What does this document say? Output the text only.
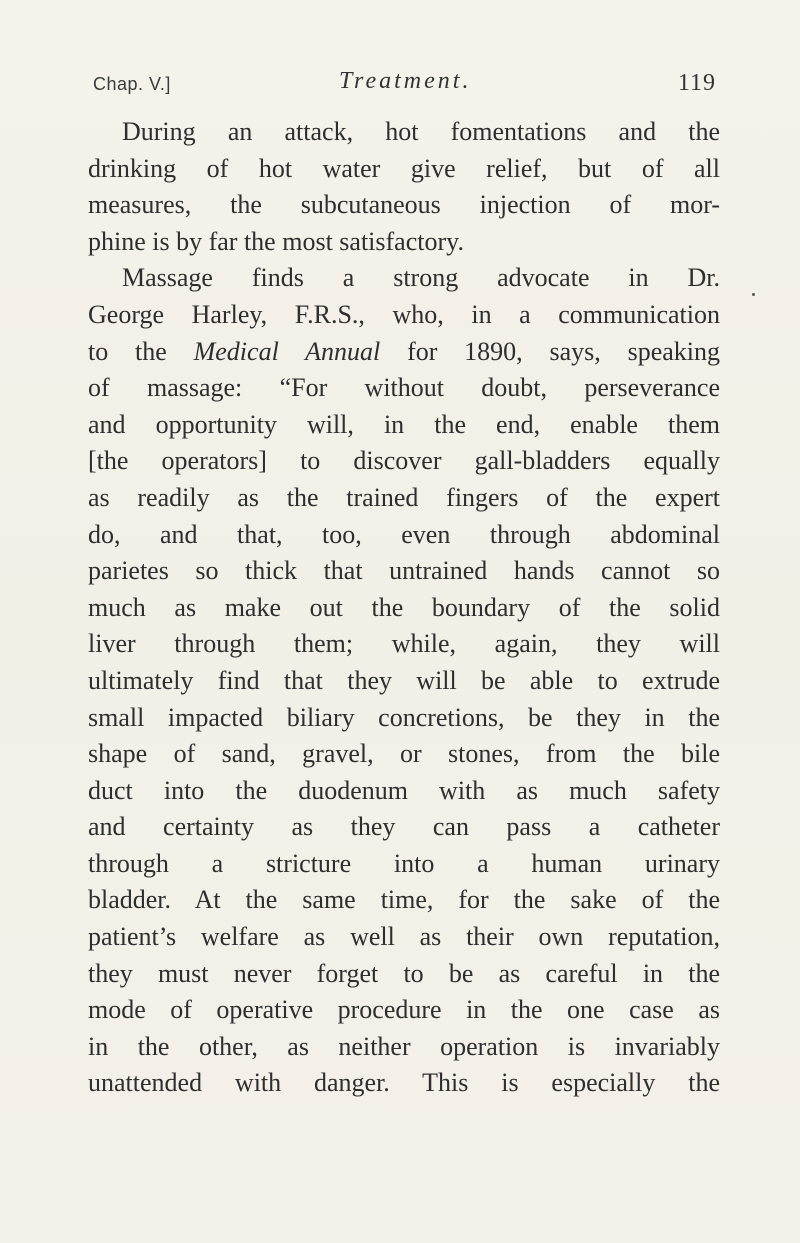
Chap. V.]	Treatment.	119
During an attack, hot fomentations and the
drinking of hot water give relief, but of all
measures, the subcutaneous injection of mor-
phine is by far the most satisfactory.
Massage finds a strong advocate in Dr.
George Harley, F.R.S., who, in a communication
to the Medical Annual for 1890, says, speaking
of massage: “For without doubt, perseverance
and opportunity will, in the end, enable them
[the operators] to discover gall-bladders equally
as readily as the trained fingers of the expert
do, and that, too, even through abdominal
parietes so thick that untrained hands cannot so
much as make out the boundary of the solid
liver through them; while, again, they will
ultimately find that they will be able to extrude
small impacted biliary concretions, be they in the
shape of sand, gravel, or stones, from the bile
duct into the duodenum with as much safety
and certainty as they can pass a catheter
through a stricture into a human urinary
bladder. At the same time, for the sake of the
patient’s welfare as well as their own reputation,
they must never forget to be as careful in the
mode of operative procedure in the one case as
in the other, as neither operation is invariably
unattended with danger. This is especially the
